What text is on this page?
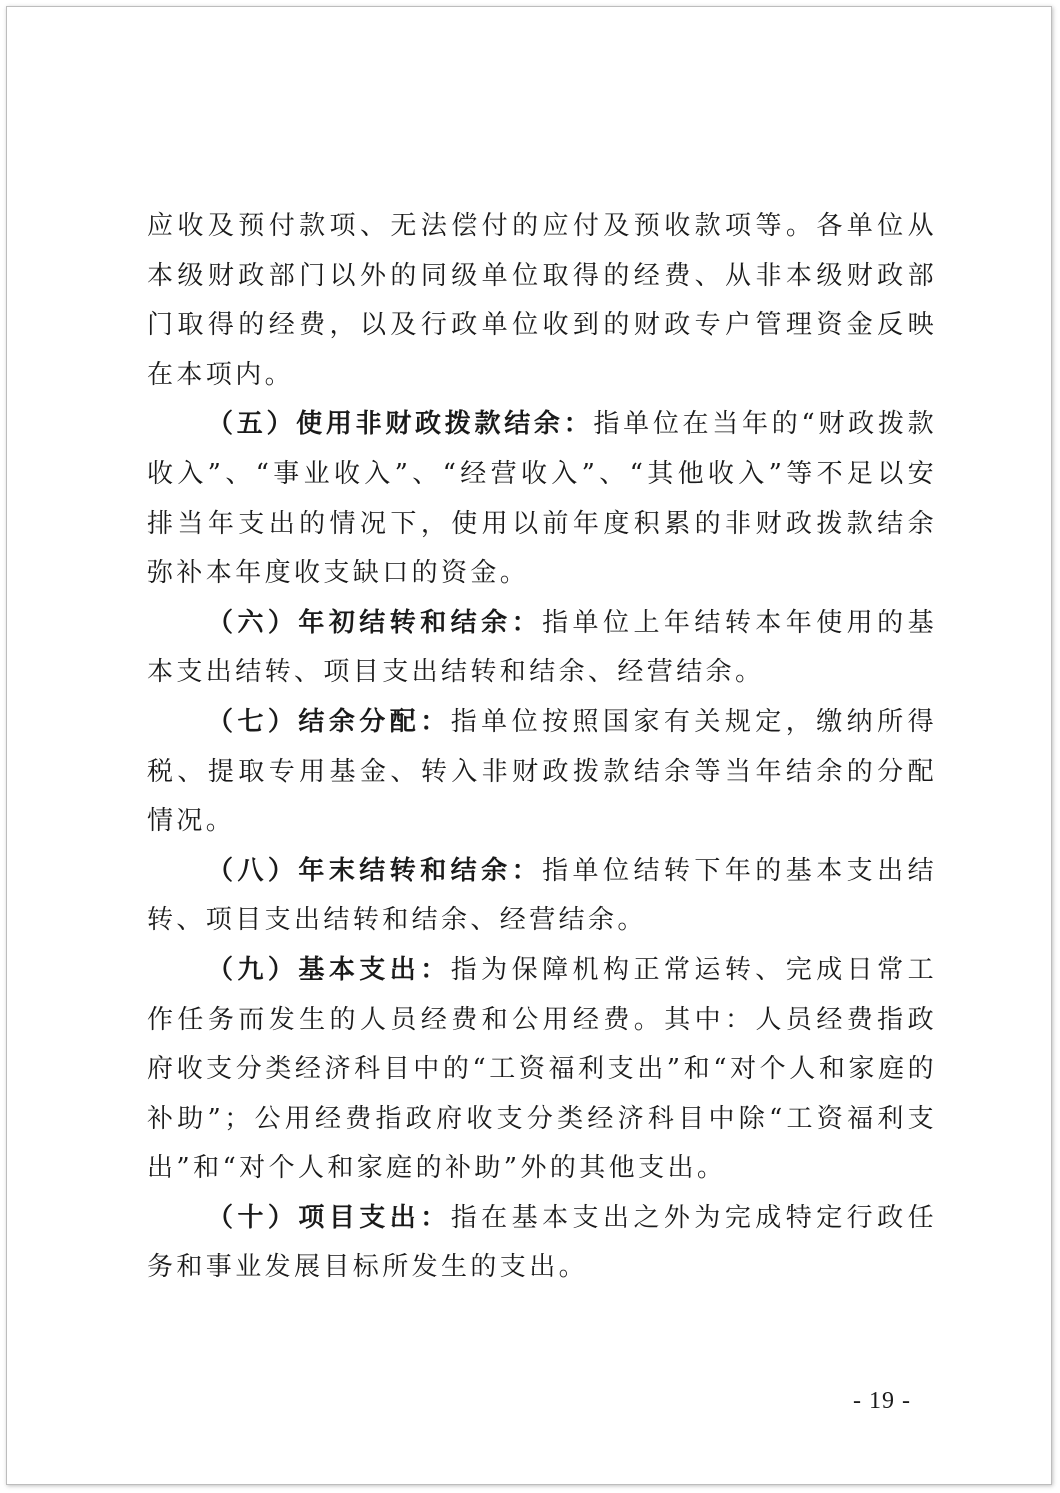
应收及预付款项、无法偿付的应付及预收款项等。各单位从本级财政部门以外的同级单位取得的经费、从非本级财政部门取得的经费，以及行政单位收到的财政专户管理资金反映在本项内。

（五）使用非财政拨款结余：指单位在当年的“财政拨款收入”、“事业收入”、“经营收入”、“其他收入”等不足以安排当年支出的情况下，使用以前年度积累的非财政拨款结余弥补本年度收支缺口的资金。

（六）年初结转和结余：指单位上年结转本年使用的基本支出结转、项目支出结转和结余、经营结余。

（七）结余分配：指单位按照国家有关规定，缴纳所得税、提取专用基金、转入非财政拨款结余等当年结余的分配情况。

（八）年末结转和结余：指单位结转下年的基本支出结转、项目支出结转和结余、经营结余。

（九）基本支出：指为保障机构正常运转、完成日常工作任务而发生的人员经费和公用经费。其中：人员经费指政府收支分类经济科目中的“工资福利支出”和“对个人和家庭的补助”；公用经费指政府收支分类经济科目中除“工资福利支出”和“对个人和家庭的补助”外的其他支出。

（十）项目支出：指在基本支出之外为完成特定行政任务和事业发展目标所发生的支出。

- 19 -
